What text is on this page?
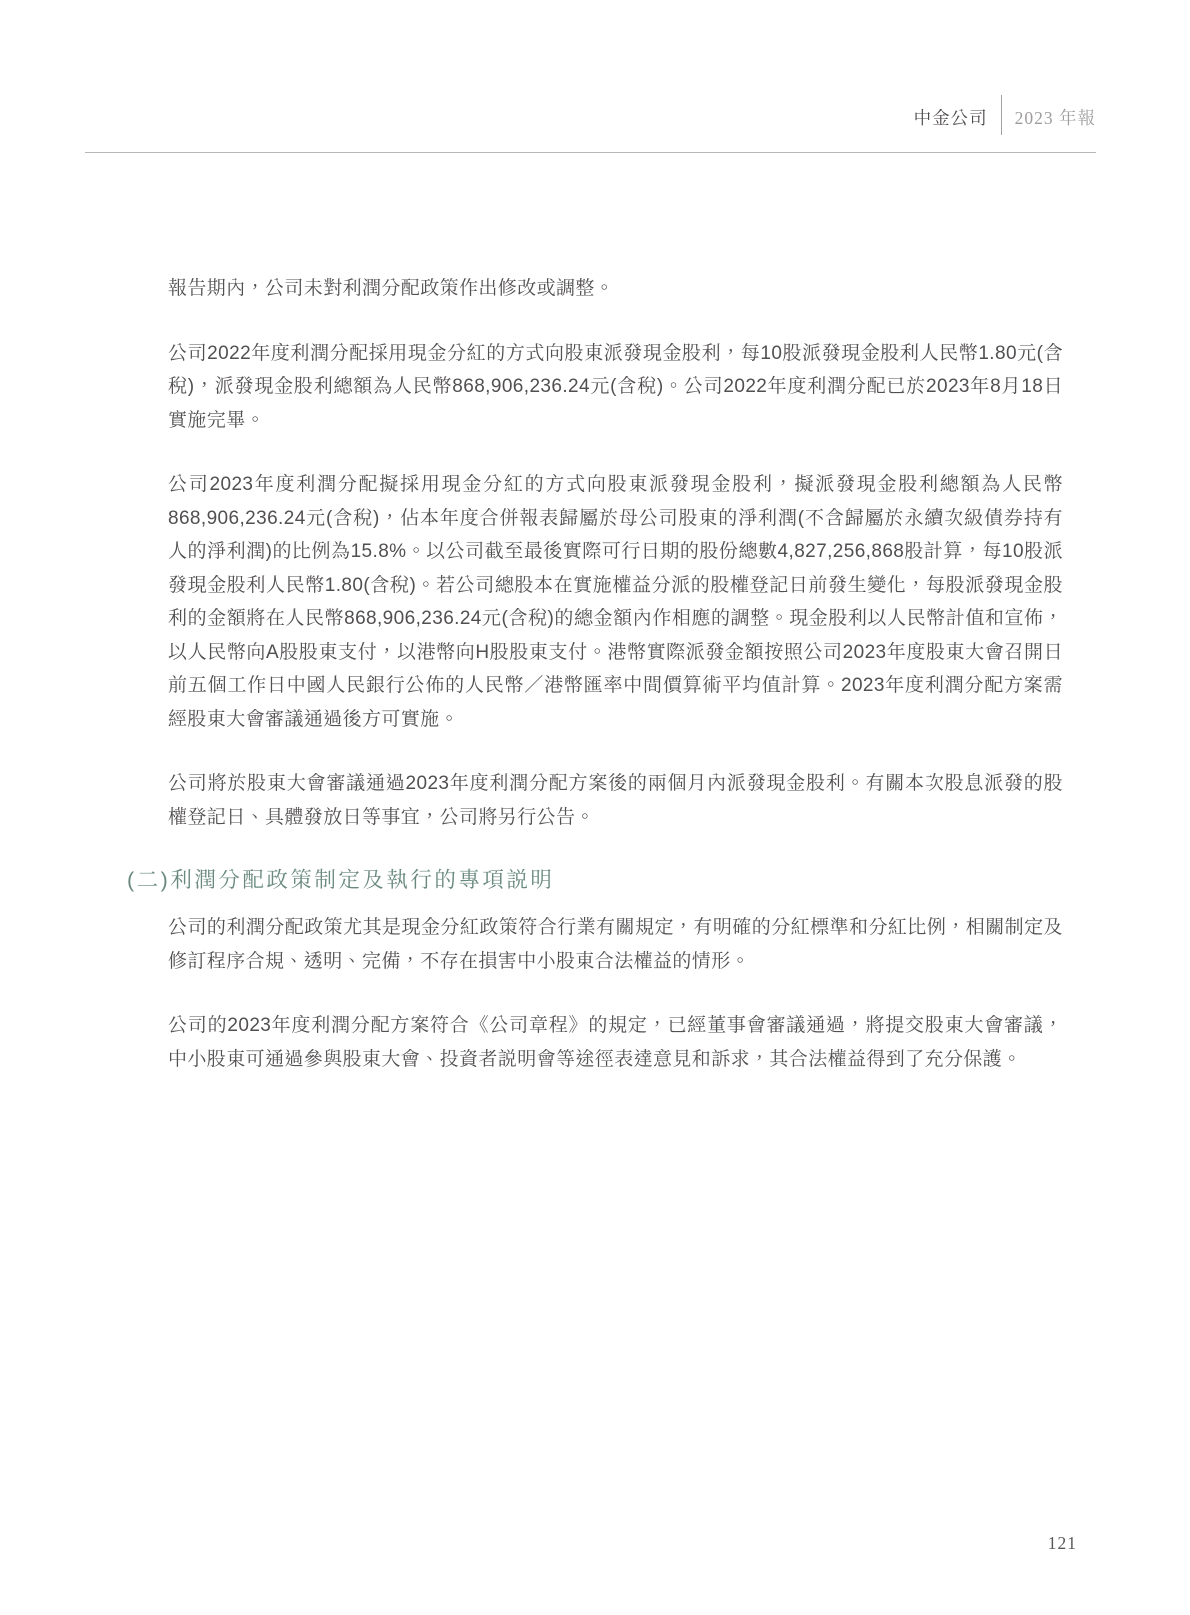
中金公司 2023 年報

報告期內，公司未對利潤分配政策作出修改或調整。

公司2022年度利潤分配採用現金分紅的方式向股東派發現金股利，每10股派發現金股利人民幣1.80元(含稅)，派發現金股利總額為人民幣868,906,236.24元(含稅)。公司2022年度利潤分配已於2023年8月18日實施完畢。

公司2023年度利潤分配擬採用現金分紅的方式向股東派發現金股利，擬派發現金股利總額為人民幣868,906,236.24元(含稅)，佔本年度合併報表歸屬於母公司股東的淨利潤(不含歸屬於永續次級債券持有人的淨利潤)的比例為15.8%。以公司截至最後實際可行日期的股份總數4,827,256,868股計算，每10股派發現金股利人民幣1.80(含稅)。若公司總股本在實施權益分派的股權登記日前發生變化，每股派發現金股利的金額將在人民幣868,906,236.24元(含稅)的總金額內作相應的調整。現金股利以人民幣計值和宣佈，以人民幣向A股股東支付，以港幣向H股股東支付。港幣實際派發金額按照公司2023年度股東大會召開日前五個工作日中國人民銀行公佈的人民幣／港幣匯率中間價算術平均值計算。2023年度利潤分配方案需經股東大會審議通過後方可實施。

公司將於股東大會審議通過2023年度利潤分配方案後的兩個月內派發現金股利。有關本次股息派發的股權登記日、具體發放日等事宜，公司將另行公告。

(二)利潤分配政策制定及執行的專項説明

公司的利潤分配政策尤其是現金分紅政策符合行業有關規定，有明確的分紅標準和分紅比例，相關制定及修訂程序合規、透明、完備，不存在損害中小股東合法權益的情形。

公司的2023年度利潤分配方案符合《公司章程》的規定，已經董事會審議通過，將提交股東大會審議，中小股東可通過參與股東大會、投資者説明會等途徑表達意見和訴求，其合法權益得到了充分保護。

121
